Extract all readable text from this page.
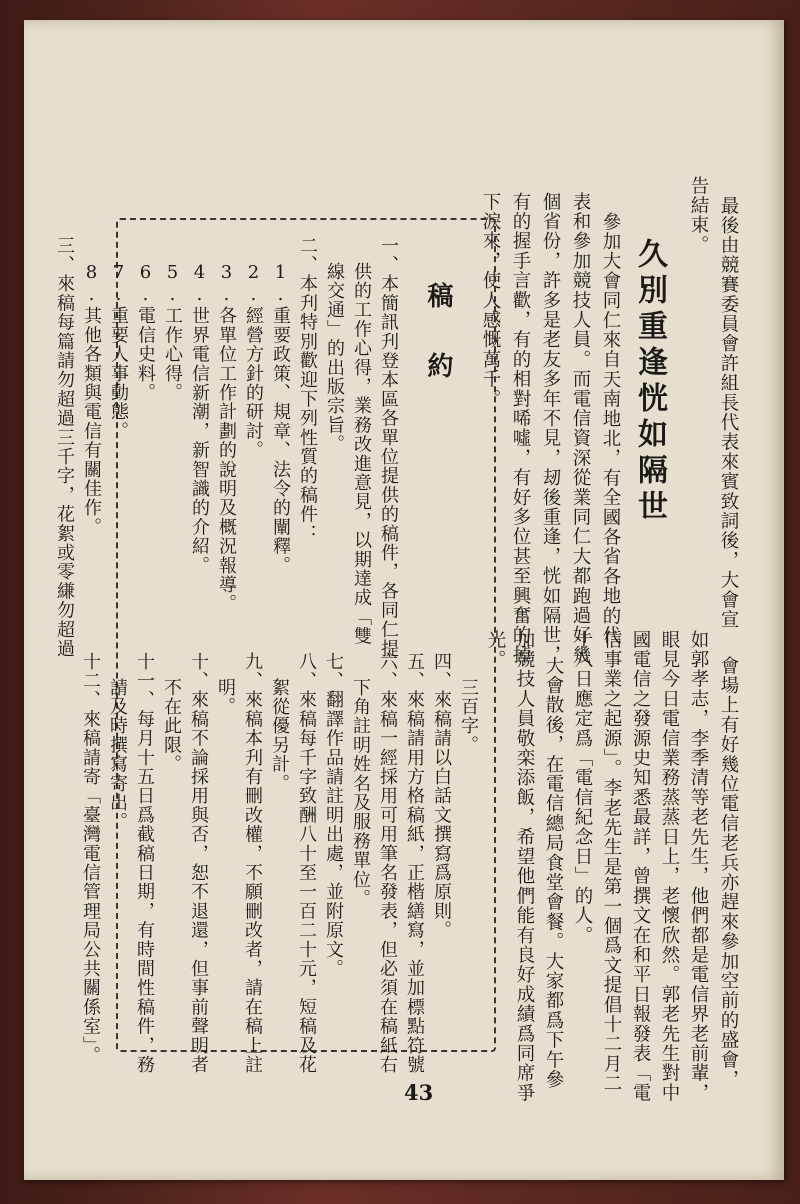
最後由競賽委員會許組長代表來賓致詞後，大會宣
告結束。
久別重逢恍如隔世
參加大會同仁來自天南地北，有全國各省各地的代
表和參加競技人員。而電信資深從業同仁大都跑過好幾
個省份，許多是老友多年不見，刼後重逢，恍如隔世，
有的握手言歡，有的相對唏噓，有好多位甚至興奮的掉
下淚來，使人感慨萬千。
會場上有好幾位電信老兵亦趕來參加空前的盛會，
如郭孝志，李季清等老先生，他們都是電信界老前輩，
眼見今日電信業務蒸蒸日上，老懷欣然。郭老先生對中
國電信之發源史知悉最詳，曾撰文在和平日報發表「電
信事業之起源」。李老先生是第一個爲文提倡十二月二
十八日應定爲「電信紀念日」的人。
大會散後，在電信總局食堂會餐。大家都爲下午參
加競技人員敬栾添飯，希望他們能有良好成績爲同席爭
光。
稿約
43
一、本簡訊刋登本區各單位提供的稿件，各同仁提
供的工作心得，業務改進意見，以期達成「雙
線交通」的出版宗旨。
二、本刋特別歡迎下列性質的稿件：
1.重要政策、規章、法令的闡釋。
2.經營方針的研討。
3.各單位工作計劃的說明及概況報導。
4.世界電信新潮，新智識的介紹。
5.工作心得。
6.電信史料。
7.重要人事動態。
8.其他各類與電信有關佳作。
三、來稿每篇請勿超過三千字，花絮或零縑勿超過
三百字。
四、來稿請以白話文撰寫爲原則。
五、來稿請用方格稿紙，正楷繕寫，並加標點符號
六、來稿一經採用可用筆名發表，但必須在稿紙右
下角註明姓名及服務單位。
七、翻譯作品請註明出處，並附原文。
八、來稿每千字致酬八十至一百二十元，短稿及花
絮從優另計。
九、來稿本刋有刪改權，不願刪改者，請在稿上註
明。
十、來稿不論採用與否，恕不退還，但事前聲明者
不在此限。
十一、每月十五日爲截稿日期，有時間性稿件，務
請及時撰寫寄出。
十二、來稿請寄「臺灣電信管理局公共關係室」。
